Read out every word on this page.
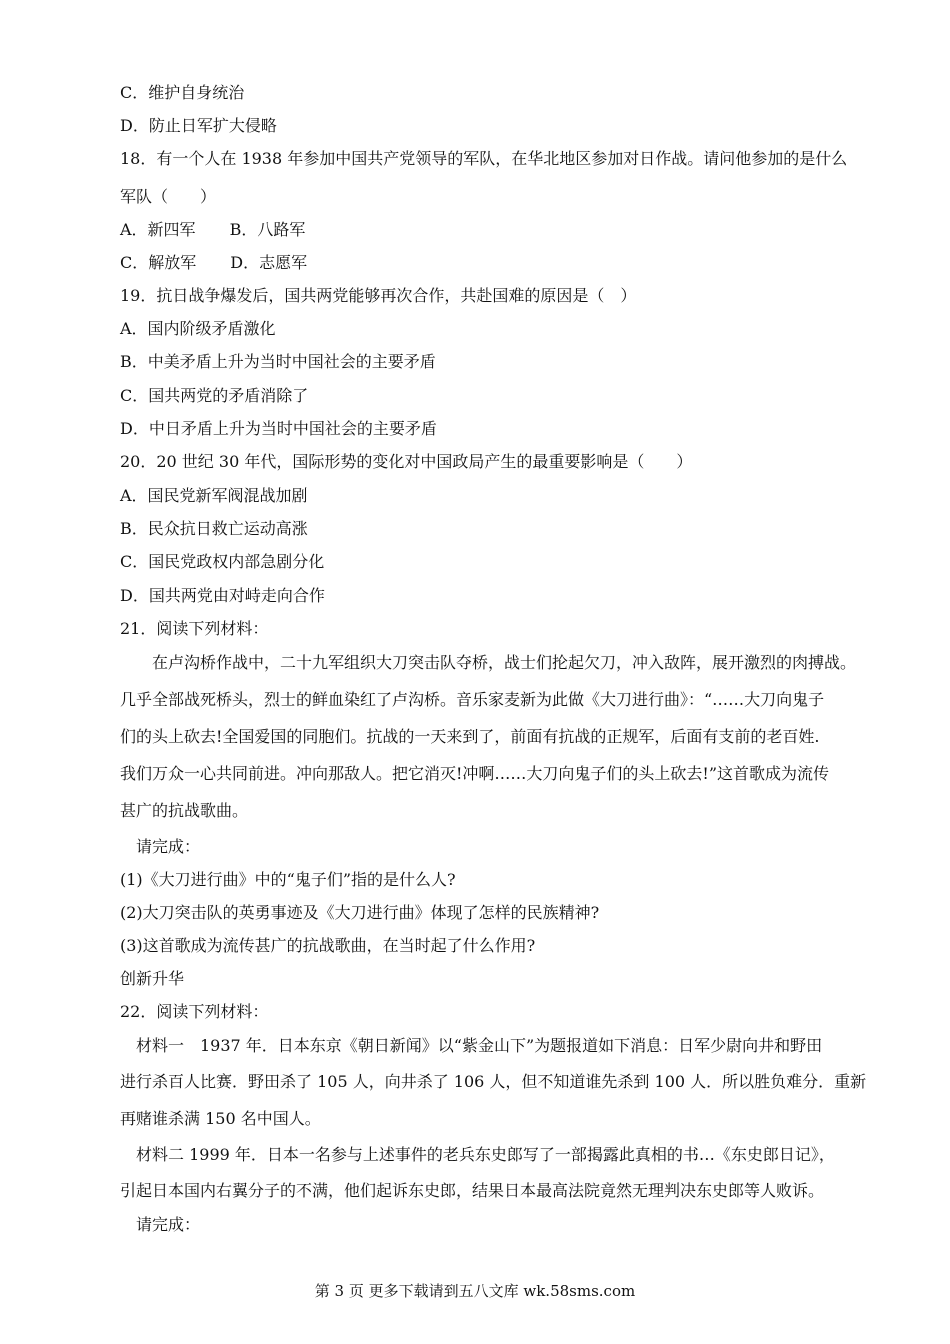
C．维护自身统治
D．防止日军扩大侵略
18．有一个人在 1938 年参加中国共产党领导的军队，在华北地区参加对日作战。请问他参加的是什么
军队（　　）
A．新四军 B．八路军
C．解放军 D．志愿军
19．抗日战争爆发后，国共两党能够再次合作，共赴国难的原因是（　）
A．国内阶级矛盾激化
B．中美矛盾上升为当时中国社会的主要矛盾
C．国共两党的矛盾消除了
D．中日矛盾上升为当时中国社会的主要矛盾
20．20 世纪 30 年代，国际形势的变化对中国政局产生的最重要影响是（　　）
A．国民党新军阀混战加剧
B．民众抗日救亡运动高涨
C．国民党政权内部急剧分化
D．国共两党由对峙走向合作
21．阅读下列材料：
在卢沟桥作战中，二十九军组织大刀突击队夺桥，战士们抡起欠刀，冲入敌阵，展开激烈的肉搏战。
几乎全部战死桥头，烈士的鲜血染红了卢沟桥。音乐家麦新为此做《大刀进行曲》：“……大刀向鬼子
们的头上砍去!全国爱国的同胞们。抗战的一天来到了，前面有抗战的正规军，后面有支前的老百姓.
我们万众一心共同前进。冲向那敌人。把它消灭!冲啊……大刀向鬼子们的头上砍去!”这首歌成为流传
甚广的抗战歌曲。
请完成：
(1)《大刀进行曲》中的“鬼子们”指的是什么人?
(2)大刀突击队的英勇事迹及《大刀进行曲》体现了怎样的民族精神?
(3)这首歌成为流传甚广的抗战歌曲，在当时起了什么作用?
创新升华
22．阅读下列材料：
材料一　1937 年．日本东京《朝日新闻》以“紫金山下”为题报道如下消息：日军少尉向井和野田
进行杀百人比赛．野田杀了 105 人，向井杀了 106 人，但不知道谁先杀到 100 人．所以胜负难分．重新
再赌谁杀满 150 名中国人。
材料二 1999 年．日本一名参与上述事件的老兵东史郎写了一部揭露此真相的书…《东史郎日记》，
引起日本国内右翼分子的不满，他们起诉东史郎，结果日本最高法院竟然无理判决东史郎等人败诉。
请完成：
第 3 页 更多下载请到五八文库 wk.58sms.com
